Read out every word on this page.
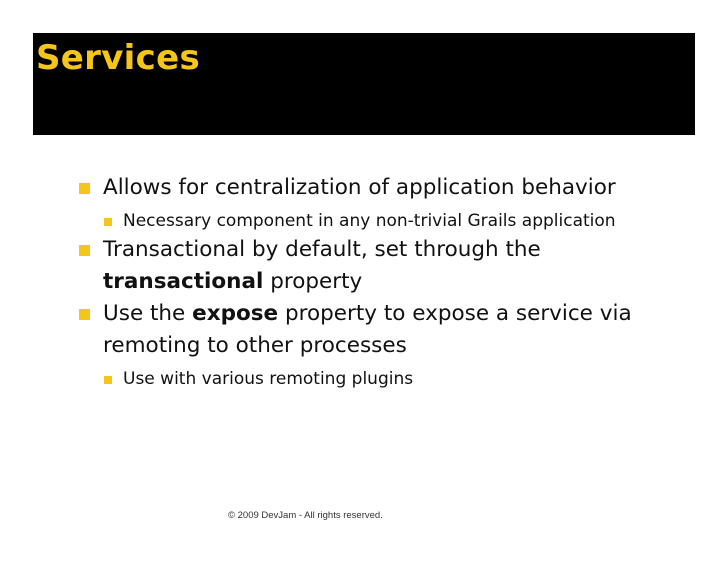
Services
Allows for centralization of application behavior
Necessary component in any non-trivial Grails application
Transactional by default, set through the transactional property
Use the expose property to expose a service via remoting to other processes
Use with various remoting plugins
© 2009 DevJam - All rights reserved.
